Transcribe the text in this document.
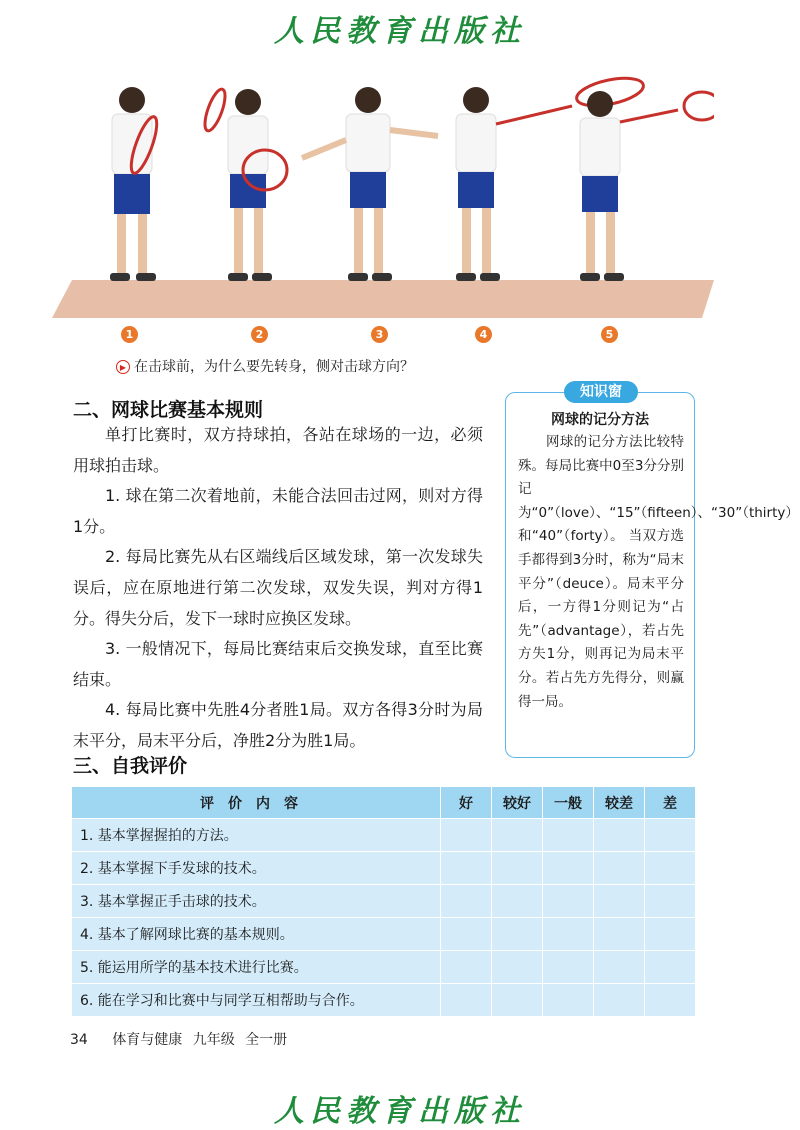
人民教育出版社
1	2	3	4	5
▶ 在击球前，为什么要先转身，侧对击球方向？
二、网球比赛基本规则

单打比赛时，双方持球拍，各站在球场的一边，必须用球拍击球。

1. 球在第二次着地前，未能合法回击过网，则对方得1分。

2. 每局比赛先从右区端线后区域发球，第一次发球失误后，应在原地进行第二次发球，双发失误，判对方得1分。得失分后，发下一球时应换区发球。

3. 一般情况下，每局比赛结束后交换发球，直至比赛结束。

4. 每局比赛中先胜4分者胜1局。双方各得3分时为局末平分，局末平分后，净胜2分为胜1局。

知识窗
网球的记分方法

网球的记分方法比较特殊。每局比赛中0至3分分别记为“0”（love）、“15”（fifteen）、“30”（thirty）和“40”（forty）。 当双方选手都得到3分时，称为“局末平分”（deuce）。局末平分后，一方得1分则记为“占先”（advantage），若占先方失1分，则再记为局末平分。若占先方先得分，则赢得一局。

三、自我评价
评价内容	好	较好	一般	较差	差
1. 基本掌握握拍的方法。					
2. 基本掌握下手发球的技术。					
3. 基本掌握正手击球的技术。					
4. 基本了解网球比赛的基本规则。					
5. 能运用所学的基本技术进行比赛。					
6. 能在学习和比赛中与同学互相帮助与合作。					
34 体育与健康 九年级 全一册
人民教育出版社
